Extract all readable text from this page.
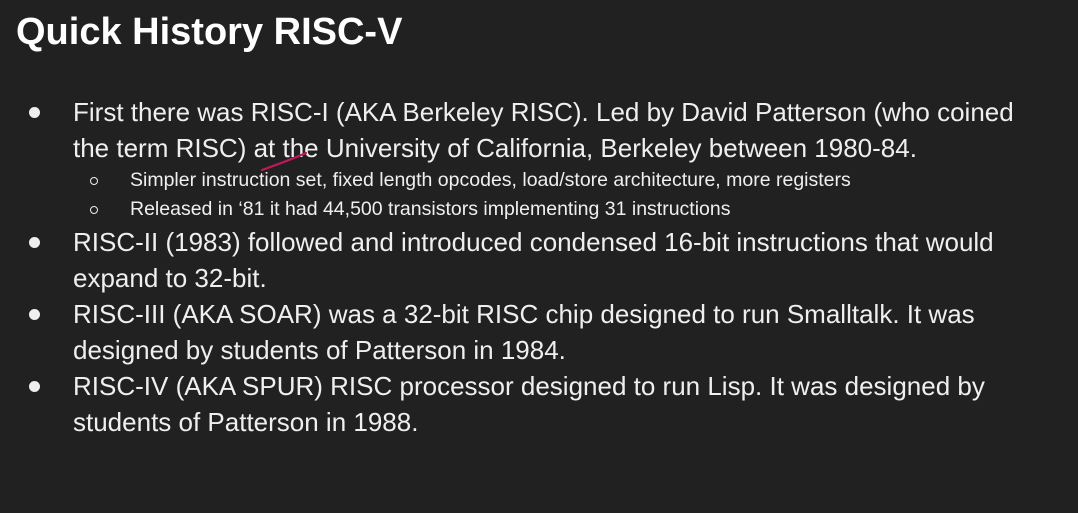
Quick History RISC-V
First there was RISC-I (AKA Berkeley RISC). Led by David Patterson (who coined the term RISC) at the University of California, Berkeley between 1980-84.
Simpler instruction set, fixed length opcodes, load/store architecture, more registers
Released in ‘81 it had 44,500 transistors implementing 31 instructions
RISC-II (1983) followed and introduced condensed 16-bit instructions that would expand to 32-bit.
RISC-III (AKA SOAR) was a 32-bit RISC chip designed to run Smalltalk. It was designed by students of Patterson in 1984.
RISC-IV (AKA SPUR) RISC processor designed to run Lisp. It was designed by students of Patterson in 1988.
